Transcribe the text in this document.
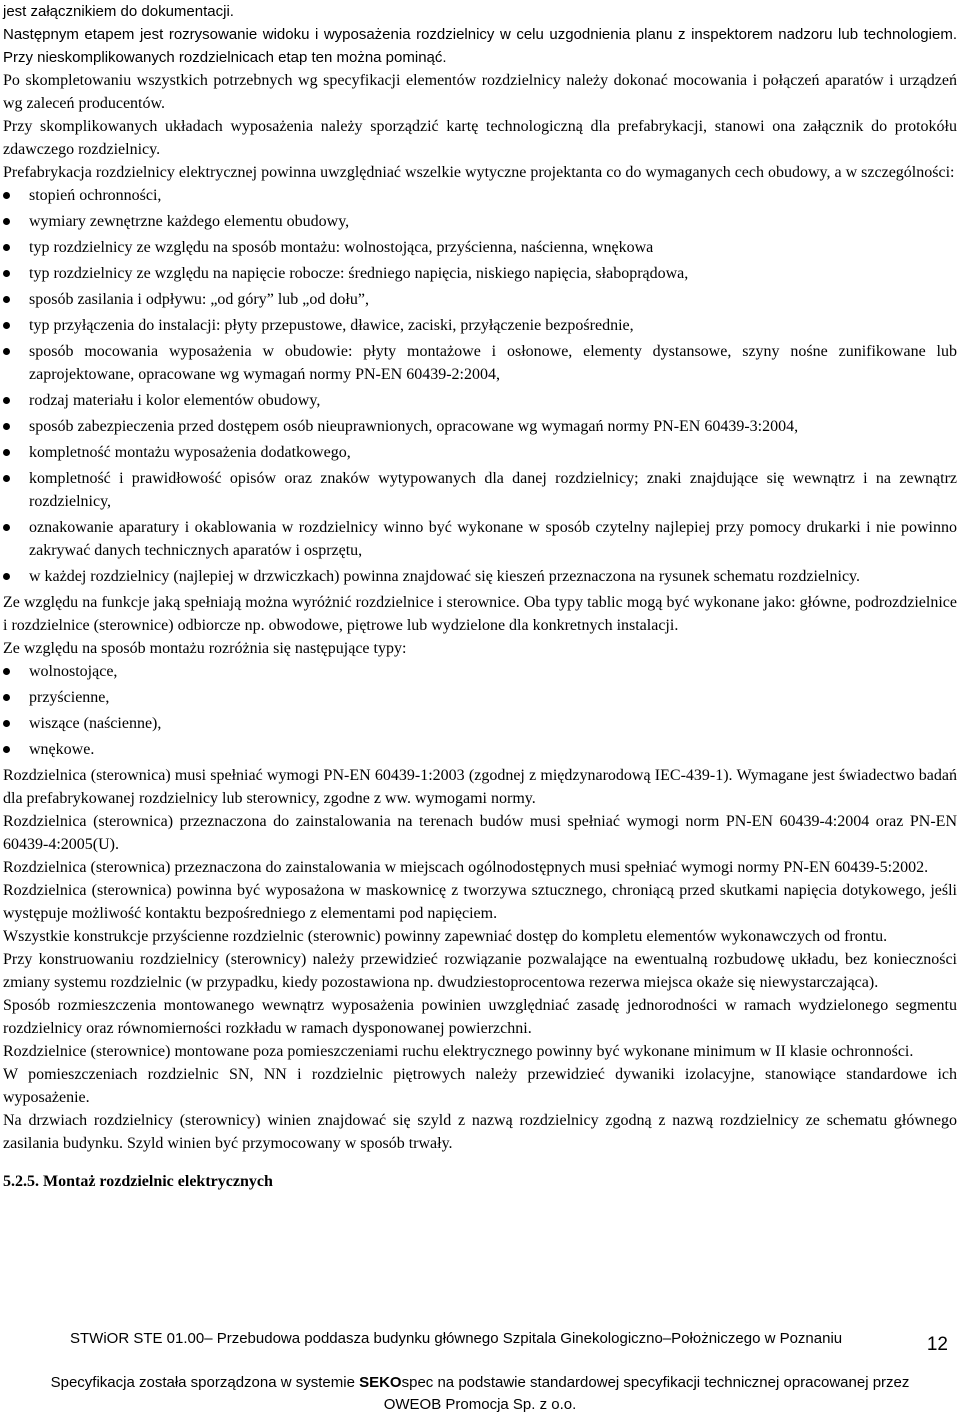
jest załącznikiem do dokumentacji.

Następnym etapem jest rozrysowanie widoku i wyposażenia rozdzielnicy w celu uzgodnienia planu z inspektorem nadzoru lub technologiem. Przy nieskomplikowanych rozdzielnicach etap ten można pominąć.

Po skompletowaniu wszystkich potrzebnych wg specyfikacji elementów rozdzielnicy należy dokonać mocowania i połączeń aparatów i urządzeń wg zaleceń producentów.

Przy skomplikowanych układach wyposażenia należy sporządzić kartę technologiczną dla prefabrykacji, stanowi ona załącznik do protokółu zdawczego rozdzielnicy.

Prefabrykacja rozdzielnicy elektrycznej powinna uwzględniać wszelkie wytyczne projektanta co do wymaganych cech obudowy, a w szczególności:

stopień ochronności,
wymiary zewnętrzne każdego elementu obudowy,
typ rozdzielnicy ze względu na sposób montażu: wolnostojąca, przyścienna, naścienna, wnękowa
typ rozdzielnicy ze względu na napięcie robocze: średniego napięcia, niskiego napięcia, słaboprądowa,
sposób zasilania i odpływu: „od góry” lub „od dołu”,
typ przyłączenia do instalacji: płyty przepustowe, dławice, zaciski, przyłączenie bezpośrednie,
sposób mocowania wyposażenia w obudowie: płyty montażowe i osłonowe, elementy dystansowe, szyny nośne zunifikowane lub zaprojektowane, opracowane wg wymagań normy PN-EN 60439-2:2004,
rodzaj materiału i kolor elementów obudowy,
sposób zabezpieczenia przed dostępem osób nieuprawnionych, opracowane wg wymagań normy PN-EN 60439-3:2004,
kompletność montażu wyposażenia dodatkowego,
kompletność i prawidłowość opisów oraz znaków wytypowanych dla danej rozdzielnicy; znaki znajdujące się wewnątrz i na zewnątrz rozdzielnicy,
oznakowanie aparatury i okablowania w rozdzielnicy winno być wykonane w sposób czytelny najlepiej przy pomocy drukarki i nie powinno zakrywać danych technicznych aparatów i osprzętu,
w każdej rozdzielnicy (najlepiej w drzwiczkach) powinna znajdować się kieszeń przeznaczona na rysunek schematu rozdzielnicy.

Ze względu na funkcje jaką spełniają można wyróżnić rozdzielnice i sterownice. Oba typy tablic mogą być wykonane jako: główne, podrozdzielnice i rozdzielnice (sterownice) odbiorcze np. obwodowe, piętrowe lub wydzielone dla konkretnych instalacji.

Ze względu na sposób montażu rozróżnia się następujące typy:

wolnostojące,
przyścienne,
wiszące (naścienne),
wnękowe.

Rozdzielnica (sterownica) musi spełniać wymogi PN-EN 60439-1:2003 (zgodnej z międzynarodową IEC-439-1). Wymagane jest świadectwo badań dla prefabrykowanej rozdzielnicy lub sterownicy, zgodne z ww. wymogami normy.

Rozdzielnica (sterownica) przeznaczona do zainstalowania na terenach budów musi spełniać wymogi norm PN-EN 60439-4:2004 oraz PN-EN 60439-4:2005(U).

Rozdzielnica (sterownica) przeznaczona do zainstalowania w miejscach ogólnodostępnych musi spełniać wymogi normy PN-EN 60439-5:2002.

Rozdzielnica (sterownica) powinna być wyposażona w maskownicę z tworzywa sztucznego, chroniącą przed skutkami napięcia dotykowego, jeśli występuje możliwość kontaktu bezpośredniego z elementami pod napięciem.

Wszystkie konstrukcje przyścienne rozdzielnic (sterownic) powinny zapewniać dostęp do kompletu elementów wykonawczych od frontu.

Przy konstruowaniu rozdzielnicy (sterownicy) należy przewidzieć rozwiązanie pozwalające na ewentualną rozbudowę układu, bez konieczności zmiany systemu rozdzielnic (w przypadku, kiedy pozostawiona np. dwudziestoprocentowa rezerwa miejsca okaże się niewystarczająca).

Sposób rozmieszczenia montowanego wewnątrz wyposażenia powinien uwzględniać zasadę jednorodności w ramach wydzielonego segmentu rozdzielnicy oraz równomierności rozkładu w ramach dysponowanej powierzchni.

Rozdzielnice (sterownice) montowane poza pomieszczeniami ruchu elektrycznego powinny być wykonane minimum w II klasie ochronności.

W pomieszczeniach rozdzielnic SN, NN i rozdzielnic piętrowych należy przewidzieć dywaniki izolacyjne, stanowiące standardowe ich wyposażenie.

Na drzwiach rozdzielnicy (sterownicy) winien znajdować się szyld z nazwą rozdzielnicy zgodną z nazwą rozdzielnicy ze schematu głównego zasilania budynku. Szyld winien być przymocowany w sposób trwały.

5.2.5. Montaż rozdzielnic elektrycznych
STWiOR STE 01.00– Przebudowa poddasza budynku głównego Szpitala Ginekologiczno–Położniczego w Poznaniu	12
Specyfikacja została sporządzona w systemie SEKOspec na podstawie standardowej specyfikacji technicznej opracowanej przez
OWEOB Promocja Sp. z o.o.
